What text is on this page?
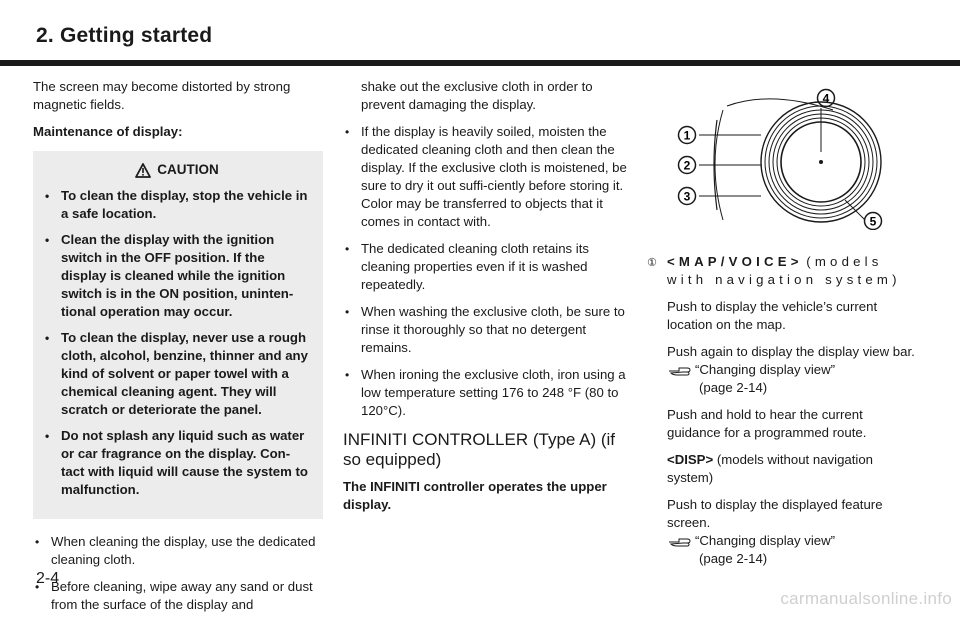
2. Getting started

The screen may become distorted by strong magnetic fields.

Maintenance of display:

CAUTION
• To clean the display, stop the vehicle in a safe location.
• Clean the display with the ignition switch in the OFF position. If the display is cleaned while the ignition switch is in the ON position, uninten-tional operation may occur.
• To clean the display, never use a rough cloth, alcohol, benzine, thinner and any kind of solvent or paper towel with a chemical cleaning agent. They will scratch or deteriorate the panel.
• Do not splash any liquid such as water or car fragrance on the display. Con-tact with liquid will cause the system to malfunction.
• When cleaning the display, use the dedicated cleaning cloth.
• Before cleaning, wipe away any sand or dust from the surface of the display and
shake out the exclusive cloth in order to prevent damaging the display.
• If the display is heavily soiled, moisten the dedicated cleaning cloth and then clean the display. If the exclusive cloth is moistened, be sure to dry it out suffi-ciently before storing it. Color may be transferred to objects that it comes in contact with.
• The dedicated cleaning cloth retains its cleaning properties even if it is washed repeatedly.
• When washing the exclusive cloth, be sure to rinse it thoroughly so that no detergent remains.
• When ironing the exclusive cloth, iron using a low temperature setting 176 to 248 °F (80 to 120°C).
INFINITI CONTROLLER (Type A) (if so equipped)

The INFINITI controller operates the upper display.

1
2
3
4
5
① <MAP/VOICE> (models with navigation system)

Push to display the vehicle’s current location on the map.

Push again to display the display view bar.

“Changing display view”
(page 2-14)

Push and hold to hear the current guidance for a programmed route.

<DISP> (models without navigation system)

Push to display the displayed feature screen.

“Changing display view”
(page 2-14)
2-4
carmanualsonline.info
